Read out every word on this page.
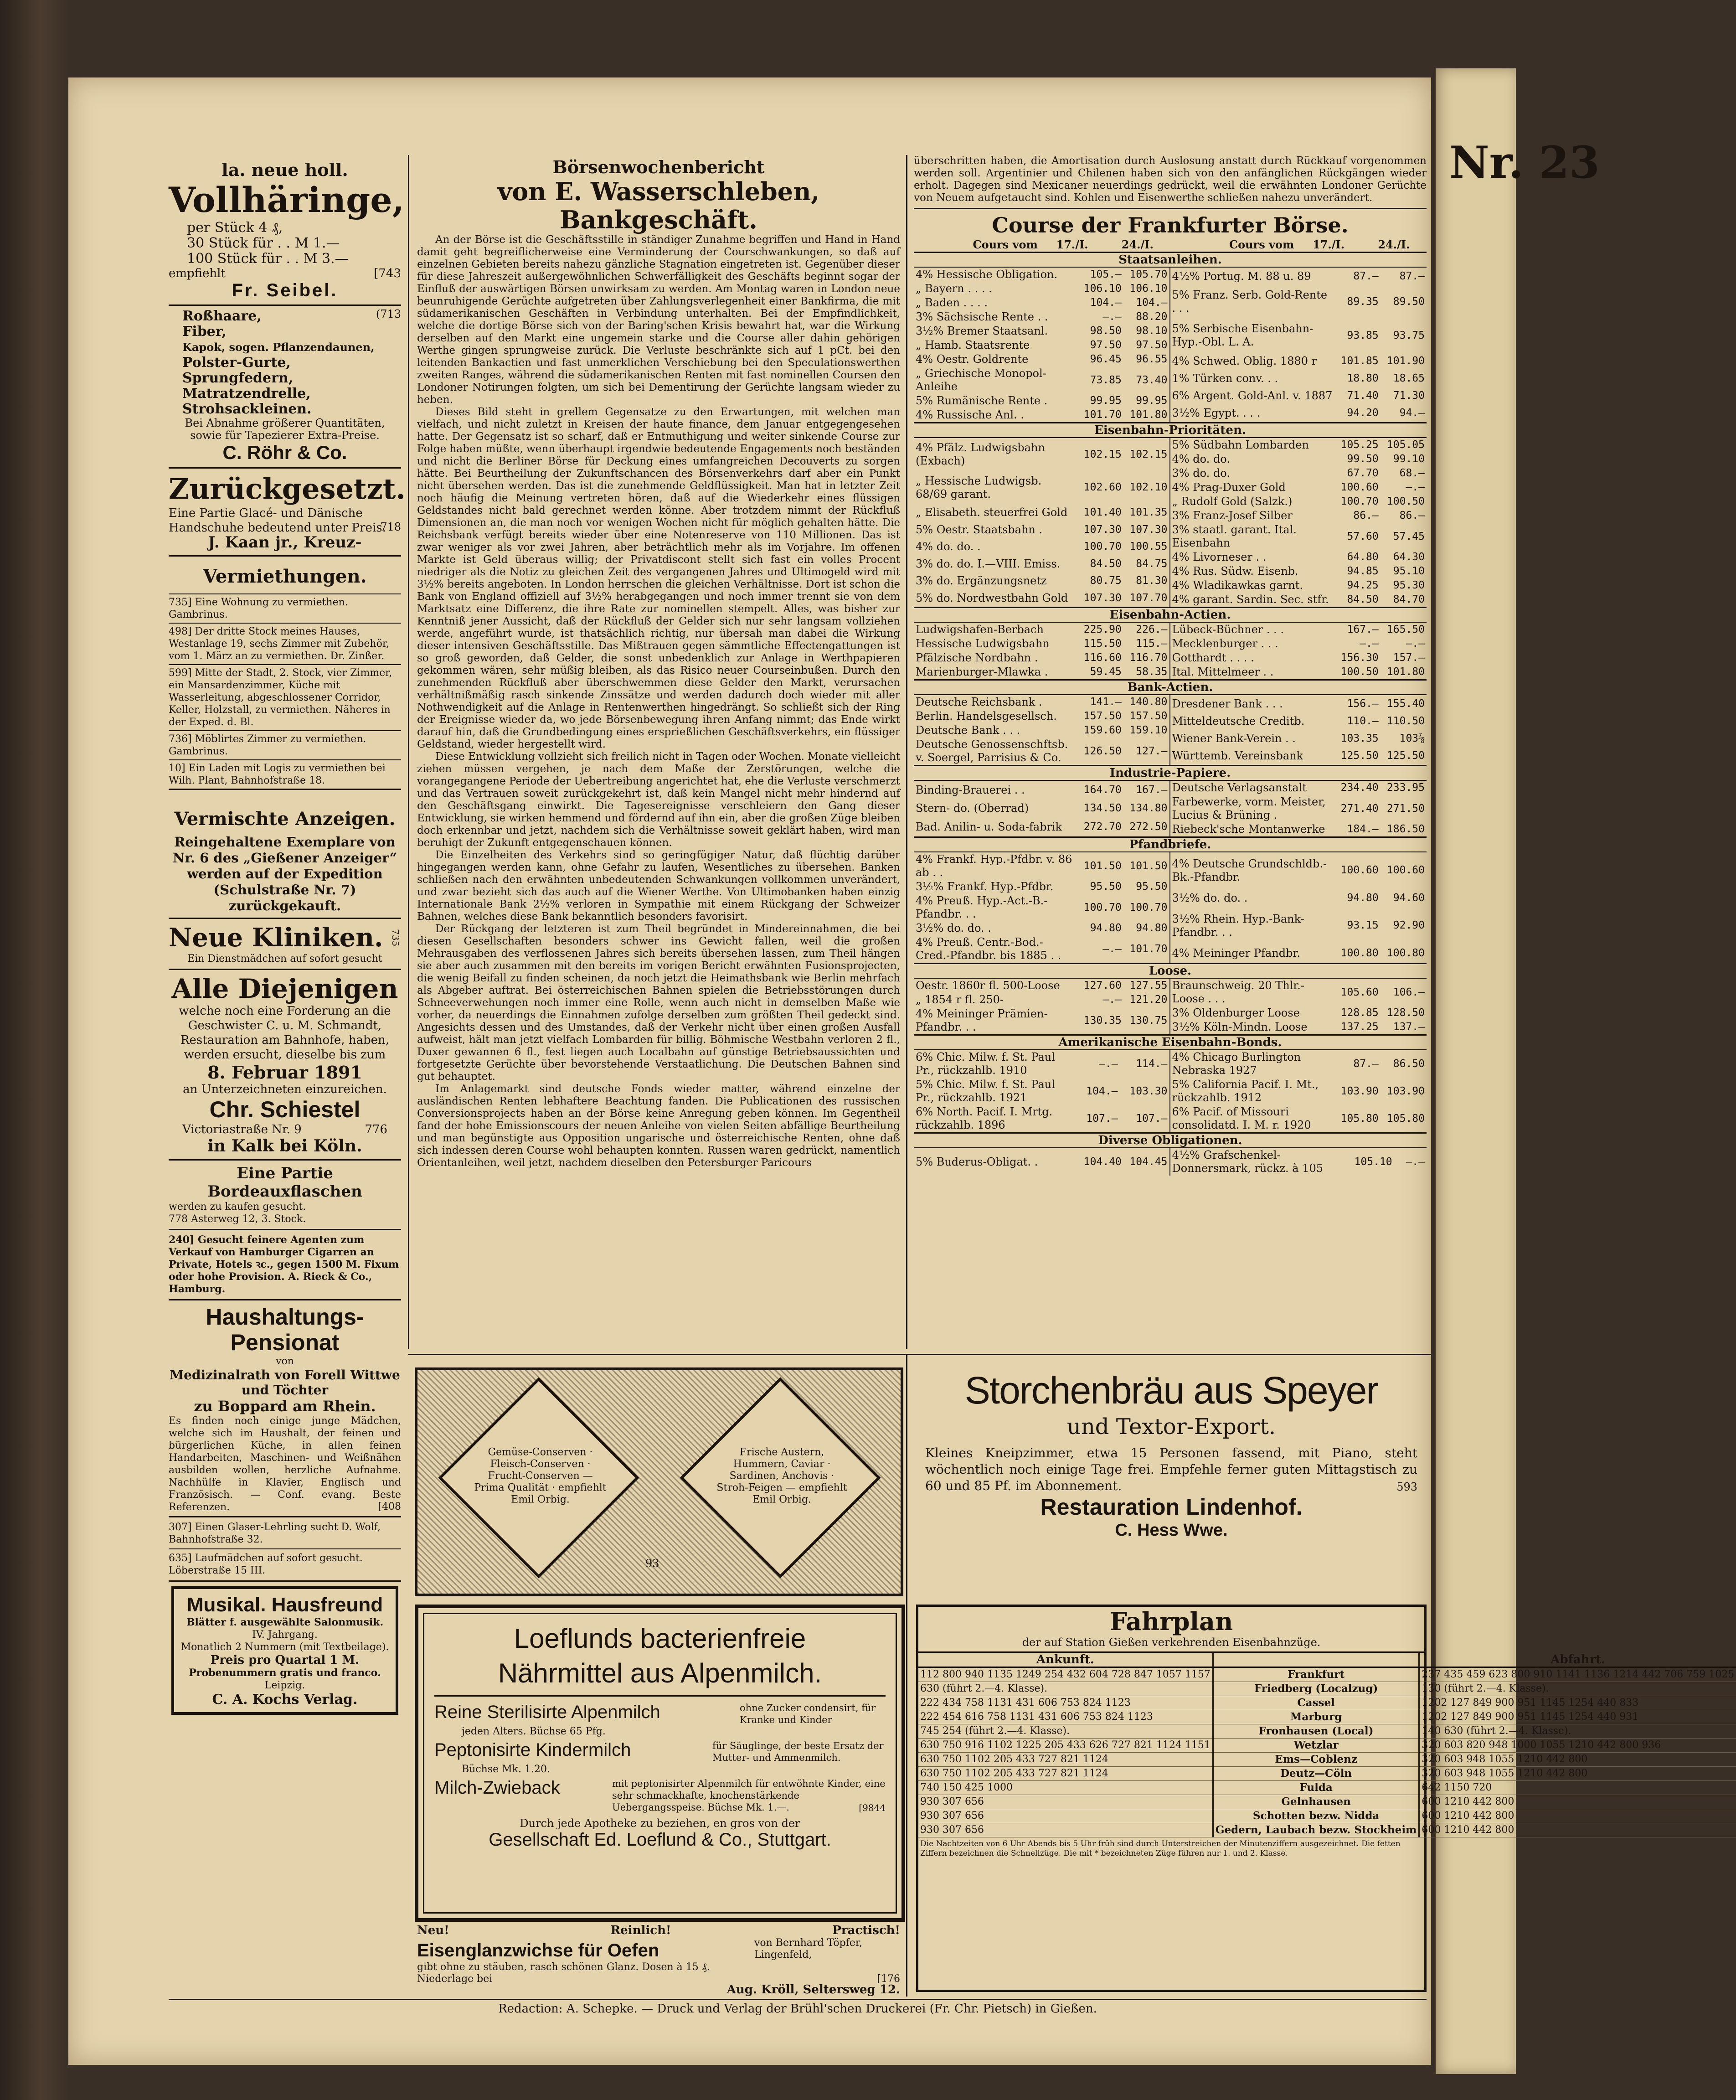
Nr. 23
la. neue holl.
Vollhäringe,
per Stück 4 ₰,
30 Stück für . . M 1.—
100 Stück für . . M 3.—
empfiehlt	[743
Fr. Seibel.
(713
Roßhaare,
Fiber,
Kapok, sogen. Pflanzendaunen,
Polster-Gurte,
Sprungfedern,
Matratzendrelle,
Strohsackleinen.
Bei Abnahme größerer Quantitäten, sowie für Tapezierer Extra-Preise.
C. Röhr & Co.
Zurückgesetzt.
Eine Partie Glacé- und Dänische Handschuhe bedeutend unter Preis.
718
J. Kaan jr., Kreuz-
Vermiethungen.
735] Eine Wohnung zu vermiethen. Gambrinus.
498] Der dritte Stock meines Hauses, Westanlage 19, sechs Zimmer mit Zubehör, vom 1. März an zu vermiethen. Dr. Zinßer.
599] Mitte der Stadt, 2. Stock, vier Zimmer, ein Mansardenzimmer, Küche mit Wasserleitung, abgeschlossener Corridor, Keller, Holzstall, zu vermiethen. Näheres in der Exped. d. Bl.
736] Möblirtes Zimmer zu vermiethen. Gambrinus.
10] Ein Laden mit Logis zu vermiethen bei Wilh. Plant, Bahnhofstraße 18.
Vermischte Anzeigen.
Reingehaltene Exemplare von Nr. 6 des „Gießener Anzeiger“ werden auf der Expedition (Schulstraße Nr. 7) zurückgekauft.
Neue Kliniken. 735
Ein Dienstmädchen auf sofort gesucht
Alle Diejenigen
welche noch eine Forderung an die Geschwister C. u. M. Schmandt, Restauration am Bahnhofe, haben, werden ersucht, dieselbe bis zum
8. Februar 1891
an Unterzeichneten einzureichen.
Chr. Schiestel
Victoriastraße Nr. 9	776
in Kalk bei Köln.
Eine Partie Bordeauxflaschen
werden zu kaufen gesucht.
778 Asterweg 12, 3. Stock.
240] Gesucht feinere Agenten zum Verkauf von Hamburger Cigarren an Private, Hotels ꝛc., gegen 1500 M. Fixum oder hohe Provision. A. Rieck & Co., Hamburg.
Haushaltungs-
Pensionat
von
Medizinalrath von Forell Wittwe und Töchter
zu Boppard am Rhein.
Es finden noch einige junge Mädchen, welche sich im Haushalt, der feinen und bürgerlichen Küche, in allen feinen Handarbeiten, Maschinen- und Weißnähen ausbilden wollen, herzliche Aufnahme. Nachhülfe in Klavier, Englisch und Französisch. — Conf. evang. Beste Referenzen.	[408
307] Einen Glaser-Lehrling sucht D. Wolf, Bahnhofstraße 32.
635] Laufmädchen auf sofort gesucht. Löberstraße 15 III.
Musikal. Hausfreund
Blätter f. ausgewählte Salonmusik.
IV. Jahrgang.
Monatlich 2 Nummern (mit Textbeilage).
Preis pro Quartal 1 M.
Probenummern gratis und franco.
Leipzig.
C. A. Kochs Verlag.
Börsenwochenbericht
von E. Wasserschleben, Bankgeschäft.
An der Börse ist die Geschäftsstille in ständiger Zunahme begriffen und Hand in Hand damit geht begreiflicherweise eine Verminderung der Courschwankungen, so daß auf einzelnen Gebieten bereits nahezu gänzliche Stagnation eingetreten ist. Gegenüber dieser für diese Jahreszeit außergewöhnlichen Schwerfälligkeit des Geschäfts beginnt sogar der Einfluß der auswärtigen Börsen unwirksam zu werden. Am Montag waren in London neue beunruhigende Gerüchte aufgetreten über Zahlungsverlegenheit einer Bankfirma, die mit südamerikanischen Geschäften in Verbindung unterhalten. Bei der Empfindlichkeit, welche die dortige Börse sich von der Baring'schen Krisis bewahrt hat, war die Wirkung derselben auf den Markt eine ungemein starke und die Course aller dahin gehörigen Werthe gingen sprungweise zurück. Die Verluste beschränkte sich auf 1 pCt. bei den leitenden Bankactien und fast unmerklichen Verschiebung bei den Speculationswerthen zweiten Ranges, während die südamerikanischen Renten mit fast nominellen Coursen den Londoner Notirungen folgten, um sich bei Dementirung der Gerüchte langsam wieder zu heben.
Dieses Bild steht in grellem Gegensatze zu den Erwartungen, mit welchen man vielfach, und nicht zuletzt in Kreisen der haute finance, dem Januar entgegengesehen hatte. Der Gegensatz ist so scharf, daß er Entmuthigung und weiter sinkende Course zur Folge haben müßte, wenn überhaupt irgendwie bedeutende Engagements noch beständen und nicht die Berliner Börse für Deckung eines umfangreichen Decouverts zu sorgen hätte. Bei Beurtheilung der Zukunftschancen des Börsenverkehrs darf aber ein Punkt nicht übersehen werden. Das ist die zunehmende Geldflüssigkeit. Man hat in letzter Zeit noch häufig die Meinung vertreten hören, daß auf die Wiederkehr eines flüssigen Geldstandes nicht bald gerechnet werden könne. Aber trotzdem nimmt der Rückfluß Dimensionen an, die man noch vor wenigen Wochen nicht für möglich gehalten hätte. Die Reichsbank verfügt bereits wieder über eine Notenreserve von 110 Millionen. Das ist zwar weniger als vor zwei Jahren, aber beträchtlich mehr als im Vorjahre. Im offenen Markte ist Geld überaus willig; der Privatdiscont stellt sich fast ein volles Procent niedriger als die Notiz zu gleichen Zeit des vergangenen Jahres und Ultimogeld wird mit 3½% bereits angeboten. In London herrschen die gleichen Verhältnisse. Dort ist schon die Bank von England offiziell auf 3½% herabgegangen und noch immer trennt sie von dem Marktsatz eine Differenz, die ihre Rate zur nominellen stempelt. Alles, was bisher zur Kenntniß jener Aussicht, daß der Rückfluß der Gelder sich nur sehr langsam vollziehen werde, angeführt wurde, ist thatsächlich richtig, nur übersah man dabei die Wirkung dieser intensiven Geschäftsstille. Das Mißtrauen gegen sämmtliche Effectengattungen ist so groß geworden, daß Gelder, die sonst unbedenklich zur Anlage in Werthpapieren gekommen wären, sehr müßig bleiben, als das Risico neuer Courseinbußen. Durch den zunehmenden Rückfluß aber überschwemmen diese Gelder den Markt, verursachen verhältnißmäßig rasch sinkende Zinssätze und werden dadurch doch wieder mit aller Nothwendigkeit auf die Anlage in Rentenwerthen hingedrängt. So schließt sich der Ring der Ereignisse wieder da, wo jede Börsenbewegung ihren Anfang nimmt; das Ende wirkt darauf hin, daß die Grundbedingung eines ersprießlichen Geschäftsverkehrs, ein flüssiger Geldstand, wieder hergestellt wird.
Diese Entwicklung vollzieht sich freilich nicht in Tagen oder Wochen. Monate vielleicht ziehen müssen vergehen, je nach dem Maße der Zerstörungen, welche die vorangegangene Periode der Uebertreibung angerichtet hat, ehe die Verluste verschmerzt und das Vertrauen soweit zurückgekehrt ist, daß kein Mangel nicht mehr hindernd auf den Geschäftsgang einwirkt. Die Tagesereignisse verschleiern den Gang dieser Entwicklung, sie wirken hemmend und fördernd auf ihn ein, aber die großen Züge bleiben doch erkennbar und jetzt, nachdem sich die Verhältnisse soweit geklärt haben, wird man beruhigt der Zukunft entgegenschauen können.
Die Einzelheiten des Verkehrs sind so geringfügiger Natur, daß flüchtig darüber hingegangen werden kann, ohne Gefahr zu laufen, Wesentliches zu übersehen. Banken schließen nach den erwähnten unbedeutenden Schwankungen vollkommen unverändert, und zwar bezieht sich das auch auf die Wiener Werthe. Von Ultimobanken haben einzig Internationale Bank 2½% verloren in Sympathie mit einem Rückgang der Schweizer Bahnen, welches diese Bank bekanntlich besonders favorisirt.
Der Rückgang der letzteren ist zum Theil begründet in Mindereinnahmen, die bei diesen Gesellschaften besonders schwer ins Gewicht fallen, weil die großen Mehrausgaben des verflossenen Jahres sich bereits übersehen lassen, zum Theil hängen sie aber auch zusammen mit den bereits im vorigen Bericht erwähnten Fusionsprojecten, die wenig Beifall zu finden scheinen, da noch jetzt die Heimathsbank wie Berlin mehrfach als Abgeber auftrat. Bei österreichischen Bahnen spielen die Betriebsstörungen durch Schneeverwehungen noch immer eine Rolle, wenn auch nicht in demselben Maße wie vorher, da neuerdings die Einnahmen zufolge derselben zum größten Theil gedeckt sind. Angesichts dessen und des Umstandes, daß der Verkehr nicht über einen großen Ausfall aufweist, hält man jetzt vielfach Lombarden für billig. Böhmische Westbahn verloren 2 fl., Duxer gewannen 6 fl., fest liegen auch Localbahn auf günstige Betriebsaussichten und fortgesetzte Gerüchte über bevorstehende Verstaatlichung. Die Deutschen Bahnen sind gut behauptet.
Im Anlagemarkt sind deutsche Fonds wieder matter, während einzelne der ausländischen Renten lebhaftere Beachtung fanden. Die Publicationen des russischen Conversionsprojects haben an der Börse keine Anregung geben können. Im Gegentheil fand der hohe Emissionscours der neuen Anleihe von vielen Seiten abfällige Beurtheilung und man begünstigte aus Opposition ungarische und österreichische Renten, ohne daß sich indessen deren Course wohl behaupten konnten. Russen waren gedrückt, namentlich Orientanleihen, weil jetzt, nachdem dieselben den Petersburger Paricours
überschritten haben, die Amortisation durch Auslosung anstatt durch Rückkauf vorgenommen werden soll. Argentinier und Chilenen haben sich von den anfänglichen Rückgängen wieder erholt. Dagegen sind Mexicaner neuerdings gedrückt, weil die erwähnten Londoner Gerüchte von Neuem aufgetaucht sind. Kohlen und Eisenwerthe schließen nahezu unverändert.
Course der Frankfurter Börse.
Cours vom	17./I.	24./I.	Cours vom	17./I.	24./I.
Staatsanleihen.
4% Hessische Obligation.	105.—	105.70
„ Bayern . . . .	106.10	106.10
„ Baden . . . .	104.—	104.—
3% Sächsische Rente . .	—.—	88.20
3½% Bremer Staatsanl.	98.50	98.10
„ Hamb. Staatsrente	97.50	97.50
4% Oestr. Goldrente	96.45	96.55
„ Griechische Monopol-Anleihe	73.85	73.40
5% Rumänische Rente .	99.95	99.95
4% Russische Anl. .	101.70	101.80
4½% Portug. M. 88 u. 89	87.—	87.—
5% Franz. Serb. Gold-Rente . . .	89.35	89.50
5% Serbische Eisenbahn-Hyp.-Obl. L. A.	93.85	93.75
4% Schwed. Oblig. 1880 r	101.85	101.90
1% Türken conv. . .	18.80	18.65
6% Argent. Gold-Anl. v. 1887	71.40	71.30
3½% Egypt. . . .	94.20	94.—
Eisenbahn-Prioritäten.
4% Pfälz. Ludwigsbahn (Exbach)	102.15	102.15
„ Hessische Ludwigsb. 68/69 garant.	102.60	102.10
„ Elisabeth. steuerfrei Gold	101.40	101.35
5% Oestr. Staatsbahn .	107.30	107.30
4% do. do. .	100.70	100.55
3% do. do. I.—VIII. Emiss.	84.50	84.75
3% do. Ergänzungsnetz	80.75	81.30
5% do. Nordwestbahn Gold	107.30	107.70
5% Südbahn Lombarden	105.25	105.05
4% do. do.	99.50	99.10
3% do. do.	67.70	68.—
4% Prag-Duxer Gold	100.60	—.—
„ Rudolf Gold (Salzk.)	100.70	100.50
3% Franz-Josef Silber	86.—	86.—
3% staatl. garant. Ital. Eisenbahn	57.60	57.45
4% Livorneser . .	64.80	64.30
4% Rus. Südw. Eisenb.	94.85	95.10
4% Wladikawkas garnt.	94.25	95.30
4% garant. Sardin. Sec. stfr.	84.50	84.70
Eisenbahn-Actien.
Ludwigshafen-Berbach	225.90	226.—
Hessische Ludwigsbahn	115.50	115.—
Pfälzische Nordbahn .	116.60	116.70
Marienburger-Mlawka .	59.45	58.35
Lübeck-Büchner . . .	167.—	165.50
Mecklenburger . . .	—.—	—.—
Gotthardt . . . .	156.30	157.—
Ital. Mittelmeer . .	100.50	101.80
Bank-Actien.
Deutsche Reichsbank .	141.—	140.80
Berlin. Handelsgesellsch.	157.50	157.50
Deutsche Bank . . .	159.60	159.10
Deutsche Genossenschftsb. v. Soergel, Parrisius & Co.	126.50	127.—
Dresdener Bank . . .	156.—	155.40
Mitteldeutsche Creditb.	110.—	110.50
Wiener Bank-Verein . .	103.35	103⅞
Württemb. Vereinsbank	125.50	125.50
Industrie-Papiere.
Binding-Brauerei . .	164.70	167.—
Stern- do. (Oberrad)	134.50	134.80
Bad. Anilin- u. Soda-fabrik	272.70	272.50
Deutsche Verlagsanstalt	234.40	233.95
Farbewerke, vorm. Meister, Lucius & Brüning .	271.40	271.50
Riebeck'sche Montanwerke	184.—	186.50
Pfandbriefe.
4% Frankf. Hyp.-Pfdbr. v. 86 ab . .	101.50	101.50
3½% Frankf. Hyp.-Pfdbr.	95.50	95.50
4% Preuß. Hyp.-Act.-B.-Pfandbr. . .	100.70	100.70
3½% do. do. .	94.80	94.80
4% Preuß. Centr.-Bod.-Cred.-Pfandbr. bis 1885 . .	—.—	101.70
4% Deutsche Grundschldb.-Bk.-Pfandbr.	100.60	100.60
3½% do. do. .	94.80	94.60
3½% Rhein. Hyp.-Bank-Pfandbr. . .	93.15	92.90
4% Meininger Pfandbr.	100.80	100.80
Loose.
Oestr. 1860r fl. 500-Loose	127.60	127.55
„ 1854 r fl. 250-	—.—	121.20
4% Meininger Prämien-Pfandbr. . .	130.35	130.75
Braunschweig. 20 Thlr.-Loose . . .	105.60	106.—
3% Oldenburger Loose	128.85	128.50
3½% Köln-Mindn. Loose	137.25	137.—
Amerikanische Eisenbahn-Bonds.
6% Chic. Milw. f. St. Paul Pr., rückzahlb. 1910	—.—	114.—
5% Chic. Milw. f. St. Paul Pr., rückzahlb. 1921	104.—	103.30
6% North. Pacif. I. Mrtg. rückzahlb. 1896	107.—	107.—
4% Chicago Burlington Nebraska 1927	87.—	86.50
5% California Pacif. I. Mt., rückzahlb. 1912	103.90	103.90
6% Pacif. of Missouri consolidatd. I. M. r. 1920	105.80	105.80
Diverse Obligationen.
5% Buderus-Obligat. .	104.40	104.45
4½% Grafschenkel-Donnersmark, rückz. à 105	105.10	—.—
Gemüse-Conserven · Fleisch-Conserven · Frucht-Conserven — Prima Qualität · empfiehlt Emil Orbig.
Frische Austern, Hummern, Caviar · Sardinen, Anchovis · Stroh-Feigen — empfiehlt Emil Orbig.
93
Loeflunds bacterienfreie
Nährmittel aus Alpenmilch.
Reine Sterilisirte Alpenmilch	ohne Zucker condensirt, für Kranke und Kinder
jeden Alters. Büchse 65 Pfg.
Peptonisirte Kindermilch	für Säuglinge, der beste Ersatz der Mutter- und Ammenmilch.
Büchse Mk. 1.20.
Milch-Zwieback	mit peptonisirter Alpenmilch für entwöhnte Kinder, eine sehr schmackhafte, knochenstärkende Uebergangsspeise. Büchse Mk. 1.—.	[9844
Durch jede Apotheke zu beziehen, en gros von der
Gesellschaft Ed. Loeflund & Co., Stuttgart.
Neu!	Reinlich!	Practisch!
Eisenglanzwichse für Oefen	von Bernhard Töpfer, Lingenfeld,
gibt ohne zu stäuben, rasch schönen Glanz. Dosen à 15 ₰.
Niederlage bei	[176
Aug. Kröll, Seltersweg 12.
Storchenbräu aus Speyer
und Textor-Export.
Kleines Kneipzimmer, etwa 15 Personen fassend, mit Piano, steht wöchentlich noch einige Tage frei. Empfehle ferner guten Mittagstisch zu 60 und 85 Pf. im Abonnement.	593
Restauration Lindenhof.
C. Hess Wwe.
Fahrplan
der auf Station Gießen verkehrenden Eisenbahnzüge.
Ankunft.		Abfahrt.
112 800 940 1135 1249 254 432 604 728 847 1057 1157	Frankfurt	237 435 459 623 800 910 1141 1136 1214 442 706 759 1025
630 (führt 2.—4. Klasse).	Friedberg (Localzug)	130 (führt 2.—4. Klasse).
222 434 758 1131 431 606 753 824 1123	Cassel	1202 127 849 900 951 1145 1254 440 833
222 454 616 758 1131 431 606 753 824 1123	Marburg	1202 127 849 900 951 1145 1254 440 931
745 254 (führt 2.—4. Klasse).	Fronhausen (Local)	140 630 (führt 2.—4. Klasse).
630 750 916 1102 1225 205 433 626 727 821 1124 1151	Wetzlar	320 603 820 948 1000 1055 1210 442 800 936
630 750 1102 205 433 727 821 1124	Ems—Coblenz	320 603 948 1055 1210 442 800
630 750 1102 205 433 727 821 1124	Deutz—Cöln	320 603 948 1055 1210 442 800
740 150 425 1000	Fulda	642 1150 720
930 307 656	Gelnhausen	600 1210 442 800
930 307 656	Schotten bezw. Nidda	600 1210 442 800
930 307 656	Gedern, Laubach bezw. Stockheim	600 1210 442 800
Die Nachtzeiten von 6 Uhr Abends bis 5 Uhr früh sind durch Unterstreichen der Minutenziffern ausgezeichnet. Die fetten Ziffern bezeichnen die Schnellzüge. Die mit * bezeichneten Züge führen nur 1. und 2. Klasse.
Redaction: A. Schepke. — Druck und Verlag der Brühl'schen Druckerei (Fr. Chr. Pietsch) in Gießen.
